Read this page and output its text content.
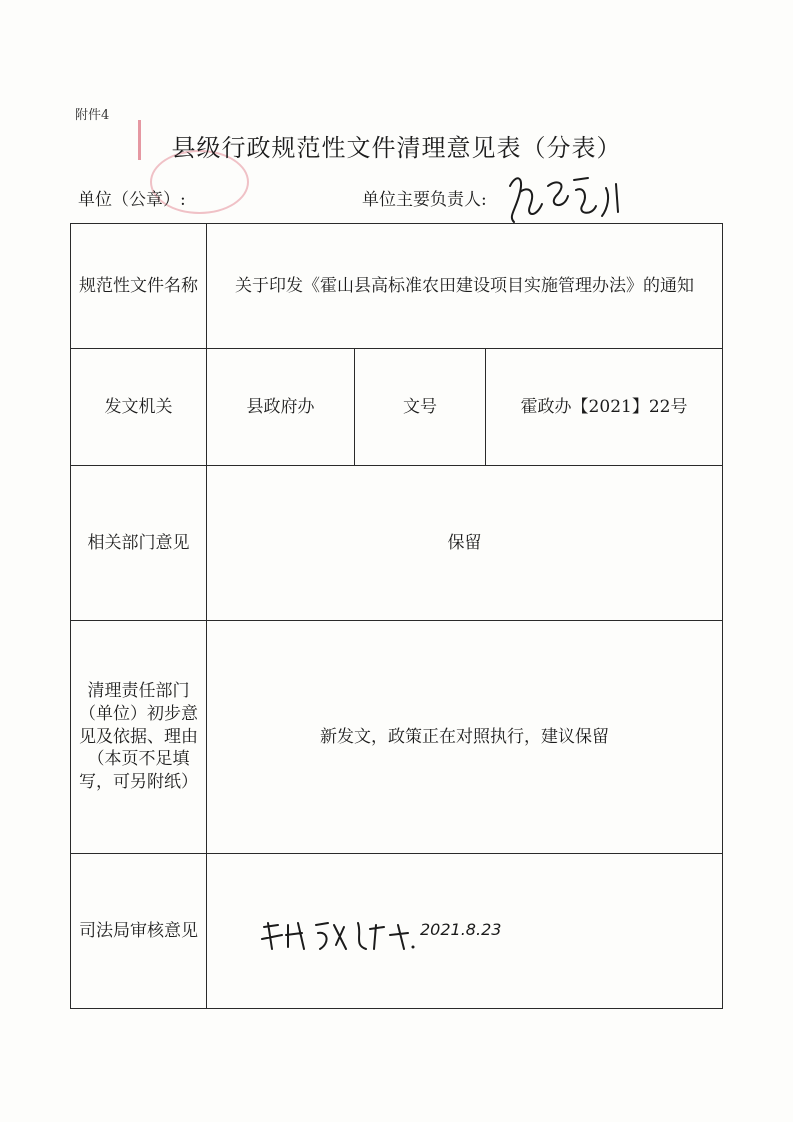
附件4
县级行政规范性文件清理意见表（分表）
单位（公章）:	单位主要负责人:
规范性文件名称	关于印发《霍山县高标准农田建设项目实施管理办法》的通知		
发文机关	县政府办	文号	霍政办【2021】22号
相关部门意见	保留		
清理责任部门（单位）初步意见及依据、理由（本页不足填写，可另附纸）	新发文，政策正在对照执行，建议保留		
司法局审核意见				2021.8.23
